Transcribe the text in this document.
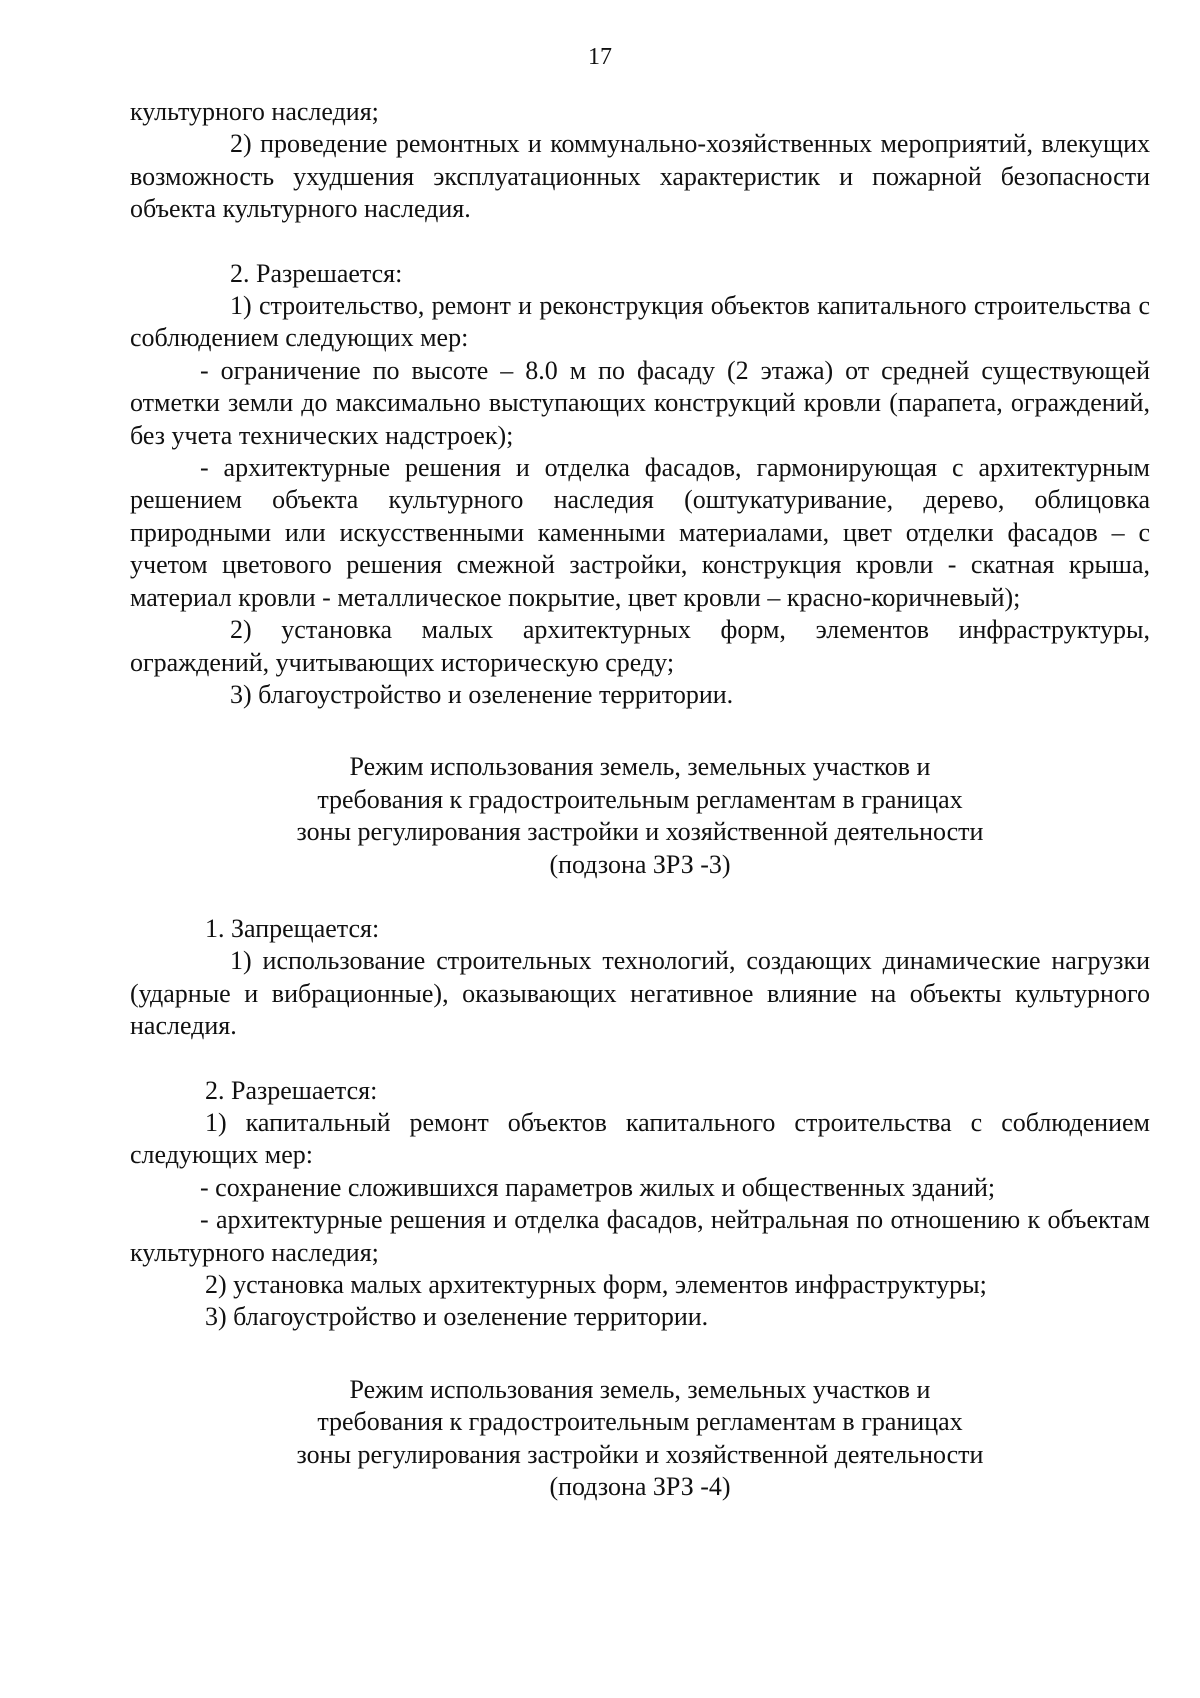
17

культурного наследия;

2) проведение ремонтных и коммунально-хозяйственных мероприятий, влекущих возможность ухудшения эксплуатационных характеристик и пожарной безопасности объекта культурного наследия.

2. Разрешается:

1) строительство, ремонт и реконструкция объектов капитального строительства с соблюдением следующих мер:

- ограничение по высоте – 8.0 м по фасаду (2 этажа) от средней существующей отметки земли до максимально выступающих конструкций кровли (парапета, ограждений, без учета технических надстроек);

- архитектурные решения и отделка фасадов, гармонирующая с архитектурным решением объекта культурного наследия (оштукатуривание, дерево, облицовка природными или искусственными каменными материалами, цвет отделки фасадов – с учетом цветового решения смежной застройки, конструкция кровли - скатная крыша, материал кровли - металлическое покрытие, цвет кровли – красно-коричневый);

2) установка малых архитектурных форм, элементов инфраструктуры, ограждений, учитывающих историческую среду;

3) благоустройство и озеленение территории.

Режим использования земель, земельных участков и
требования к градостроительным регламентам в границах
зоны регулирования застройки и хозяйственной деятельности
(подзона ЗРЗ -3)

1. Запрещается:

1) использование строительных технологий, создающих динамические нагрузки (ударные и вибрационные), оказывающих негативное влияние на объекты культурного наследия.

2. Разрешается:

1) капитальный ремонт объектов капитального строительства с соблюдением следующих мер:

- сохранение сложившихся параметров жилых и общественных зданий;

- архитектурные решения и отделка фасадов, нейтральная по отношению к объектам культурного наследия;

2) установка малых архитектурных форм, элементов инфраструктуры;

3) благоустройство и озеленение территории.

Режим использования земель, земельных участков и
требования к градостроительным регламентам в границах
зоны регулирования застройки и хозяйственной деятельности
(подзона ЗРЗ -4)
